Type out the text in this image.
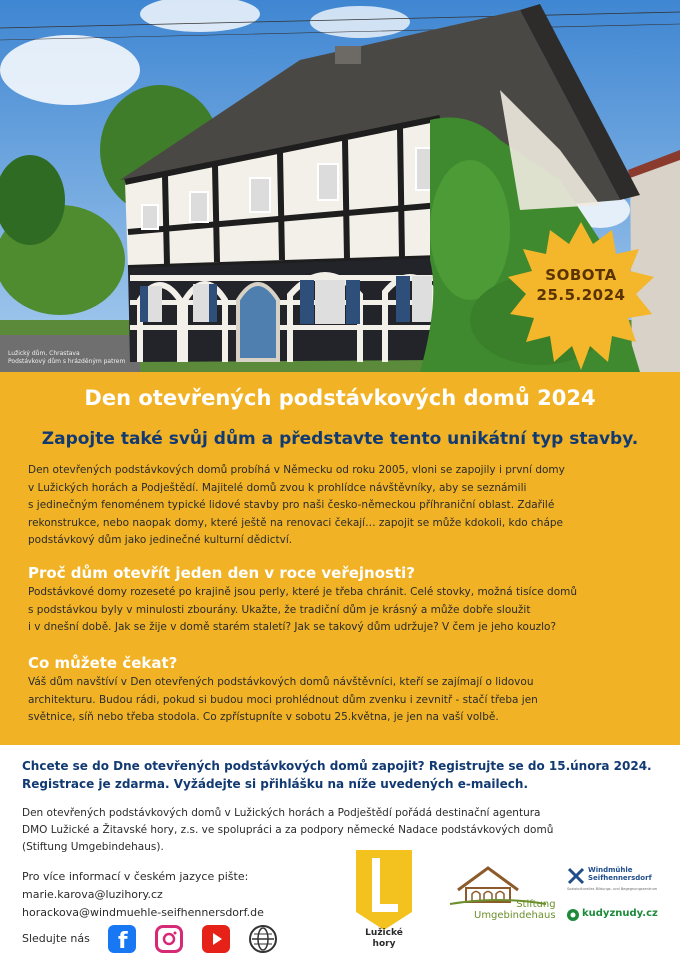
Lužický dům, Chrastava
Podstávkový dům s hrázděným patrem
SOBOTA
25.5.2024
Den otevřených podstávkových domů 2024
Zapojte také svůj dům a představte tento unikátní typ stavby.
Den otevřených podstávkových domů probíhá v Německu od roku 2005, vloni se zapojily i první domy
v Lužických horách a Podještědí. Majitelé domů zvou k prohlídce návštěvníky, aby se seznámili
s jedinečným fenoménem typické lidové stavby pro naši česko-německou příhraniční oblast. Zdařilé
rekonstrukce, nebo naopak domy, které ještě na renovaci čekají… zapojit se může kdokoli, kdo chápe
podstávkový dům jako jedinečné kulturní dědictví.
Proč dům otevřít jeden den v roce veřejnosti?
Podstávkové domy rozeseté po krajině jsou perly, které je třeba chránit. Celé stovky, možná tisíce domů
s podstávkou byly v minulosti zbourány. Ukažte, že tradiční dům je krásný a může dobře sloužit
i v dnešní době. Jak se žije v domě starém staletí? Jak se takový dům udržuje? V čem je jeho kouzlo?
Co můžete čekat?
Váš dům navštíví v Den otevřených podstávkových domů návštěvníci, kteří se zajímají o lidovou
architekturu. Budou rádi, pokud si budou moci prohlédnout dům zvenku i zevnitř - stačí třeba jen
světnice, síň nebo třeba stodola. Co zpřístupníte v sobotu 25.května, je jen na vaší volbě.
Chcete se do Dne otevřených podstávkových domů zapojit? Registrujte se do 15.února 2024.
Registrace je zdarma. Vyžádejte si přihlášku na níže uvedených e-mailech.
Den otevřených podstávkových domů v Lužických horách a Podještědí pořádá destinační agentura
DMO Lužické a Žitavské hory, z.s. ve spolupráci a za podpory německé Nadace podstávkových domů
(Stiftung Umgebindehaus).
Pro více informací v českém jazyce pište:
marie.karova@luzihory.cz
horackova@windmuehle-seifhennersdorf.de
Sledujte nás f	Lužické
hory
Stiftung
Umgebindehaus
Windmühle
Seifhennersdorf
Soziokulturelles Bildungs- und Begegnungszentrum
kudyznudy.cz
